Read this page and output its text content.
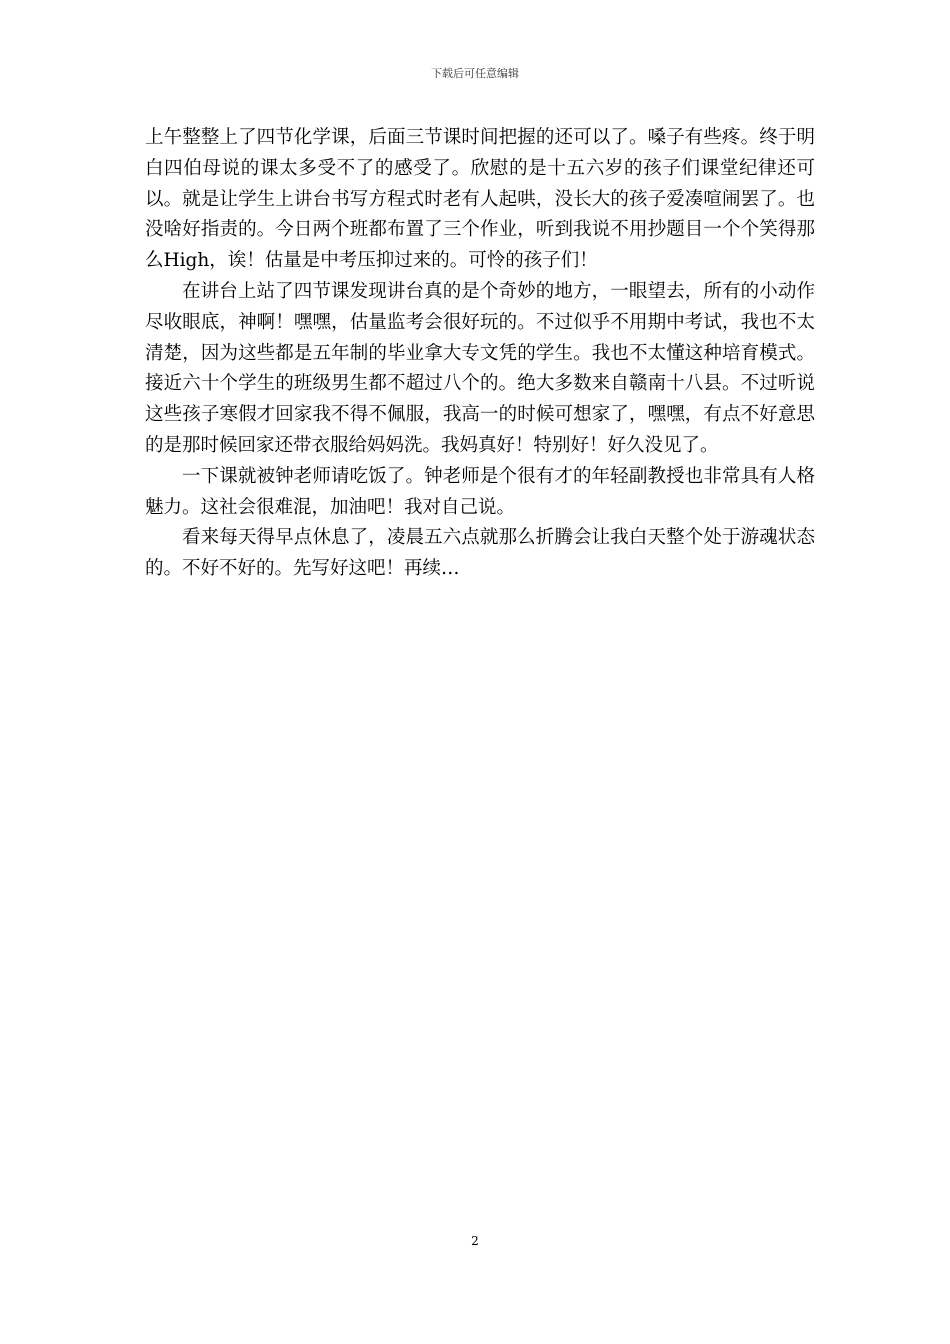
下载后可任意编辑

上午整整上了四节化学课，后面三节课时间把握的还可以了。嗓子有些疼。终于明白四伯母说的课太多受不了的感受了。欣慰的是十五六岁的孩子们课堂纪律还可以。就是让学生上讲台书写方程式时老有人起哄，没长大的孩子爱凑喧闹罢了。也没啥好指责的。今日两个班都布置了三个作业，听到我说不用抄题目一个个笑得那么High，诶！估量是中考压抑过来的。可怜的孩子们！

在讲台上站了四节课发现讲台真的是个奇妙的地方，一眼望去，所有的小动作尽收眼底，神啊！嘿嘿，估量监考会很好玩的。不过似乎不用期中考试，我也不太清楚，因为这些都是五年制的毕业拿大专文凭的学生。我也不太懂这种培育模式。接近六十个学生的班级男生都不超过八个的。绝大多数来自赣南十八县。不过听说这些孩子寒假才回家我不得不佩服，我高一的时候可想家了，嘿嘿，有点不好意思的是那时候回家还带衣服给妈妈洗。我妈真好！特别好！好久没见了。

一下课就被钟老师请吃饭了。钟老师是个很有才的年轻副教授也非常具有人格魅力。这社会很难混，加油吧！我对自己说。

看来每天得早点休息了，凌晨五六点就那么折腾会让我白天整个处于游魂状态的。不好不好的。先写好这吧！再续…

2
